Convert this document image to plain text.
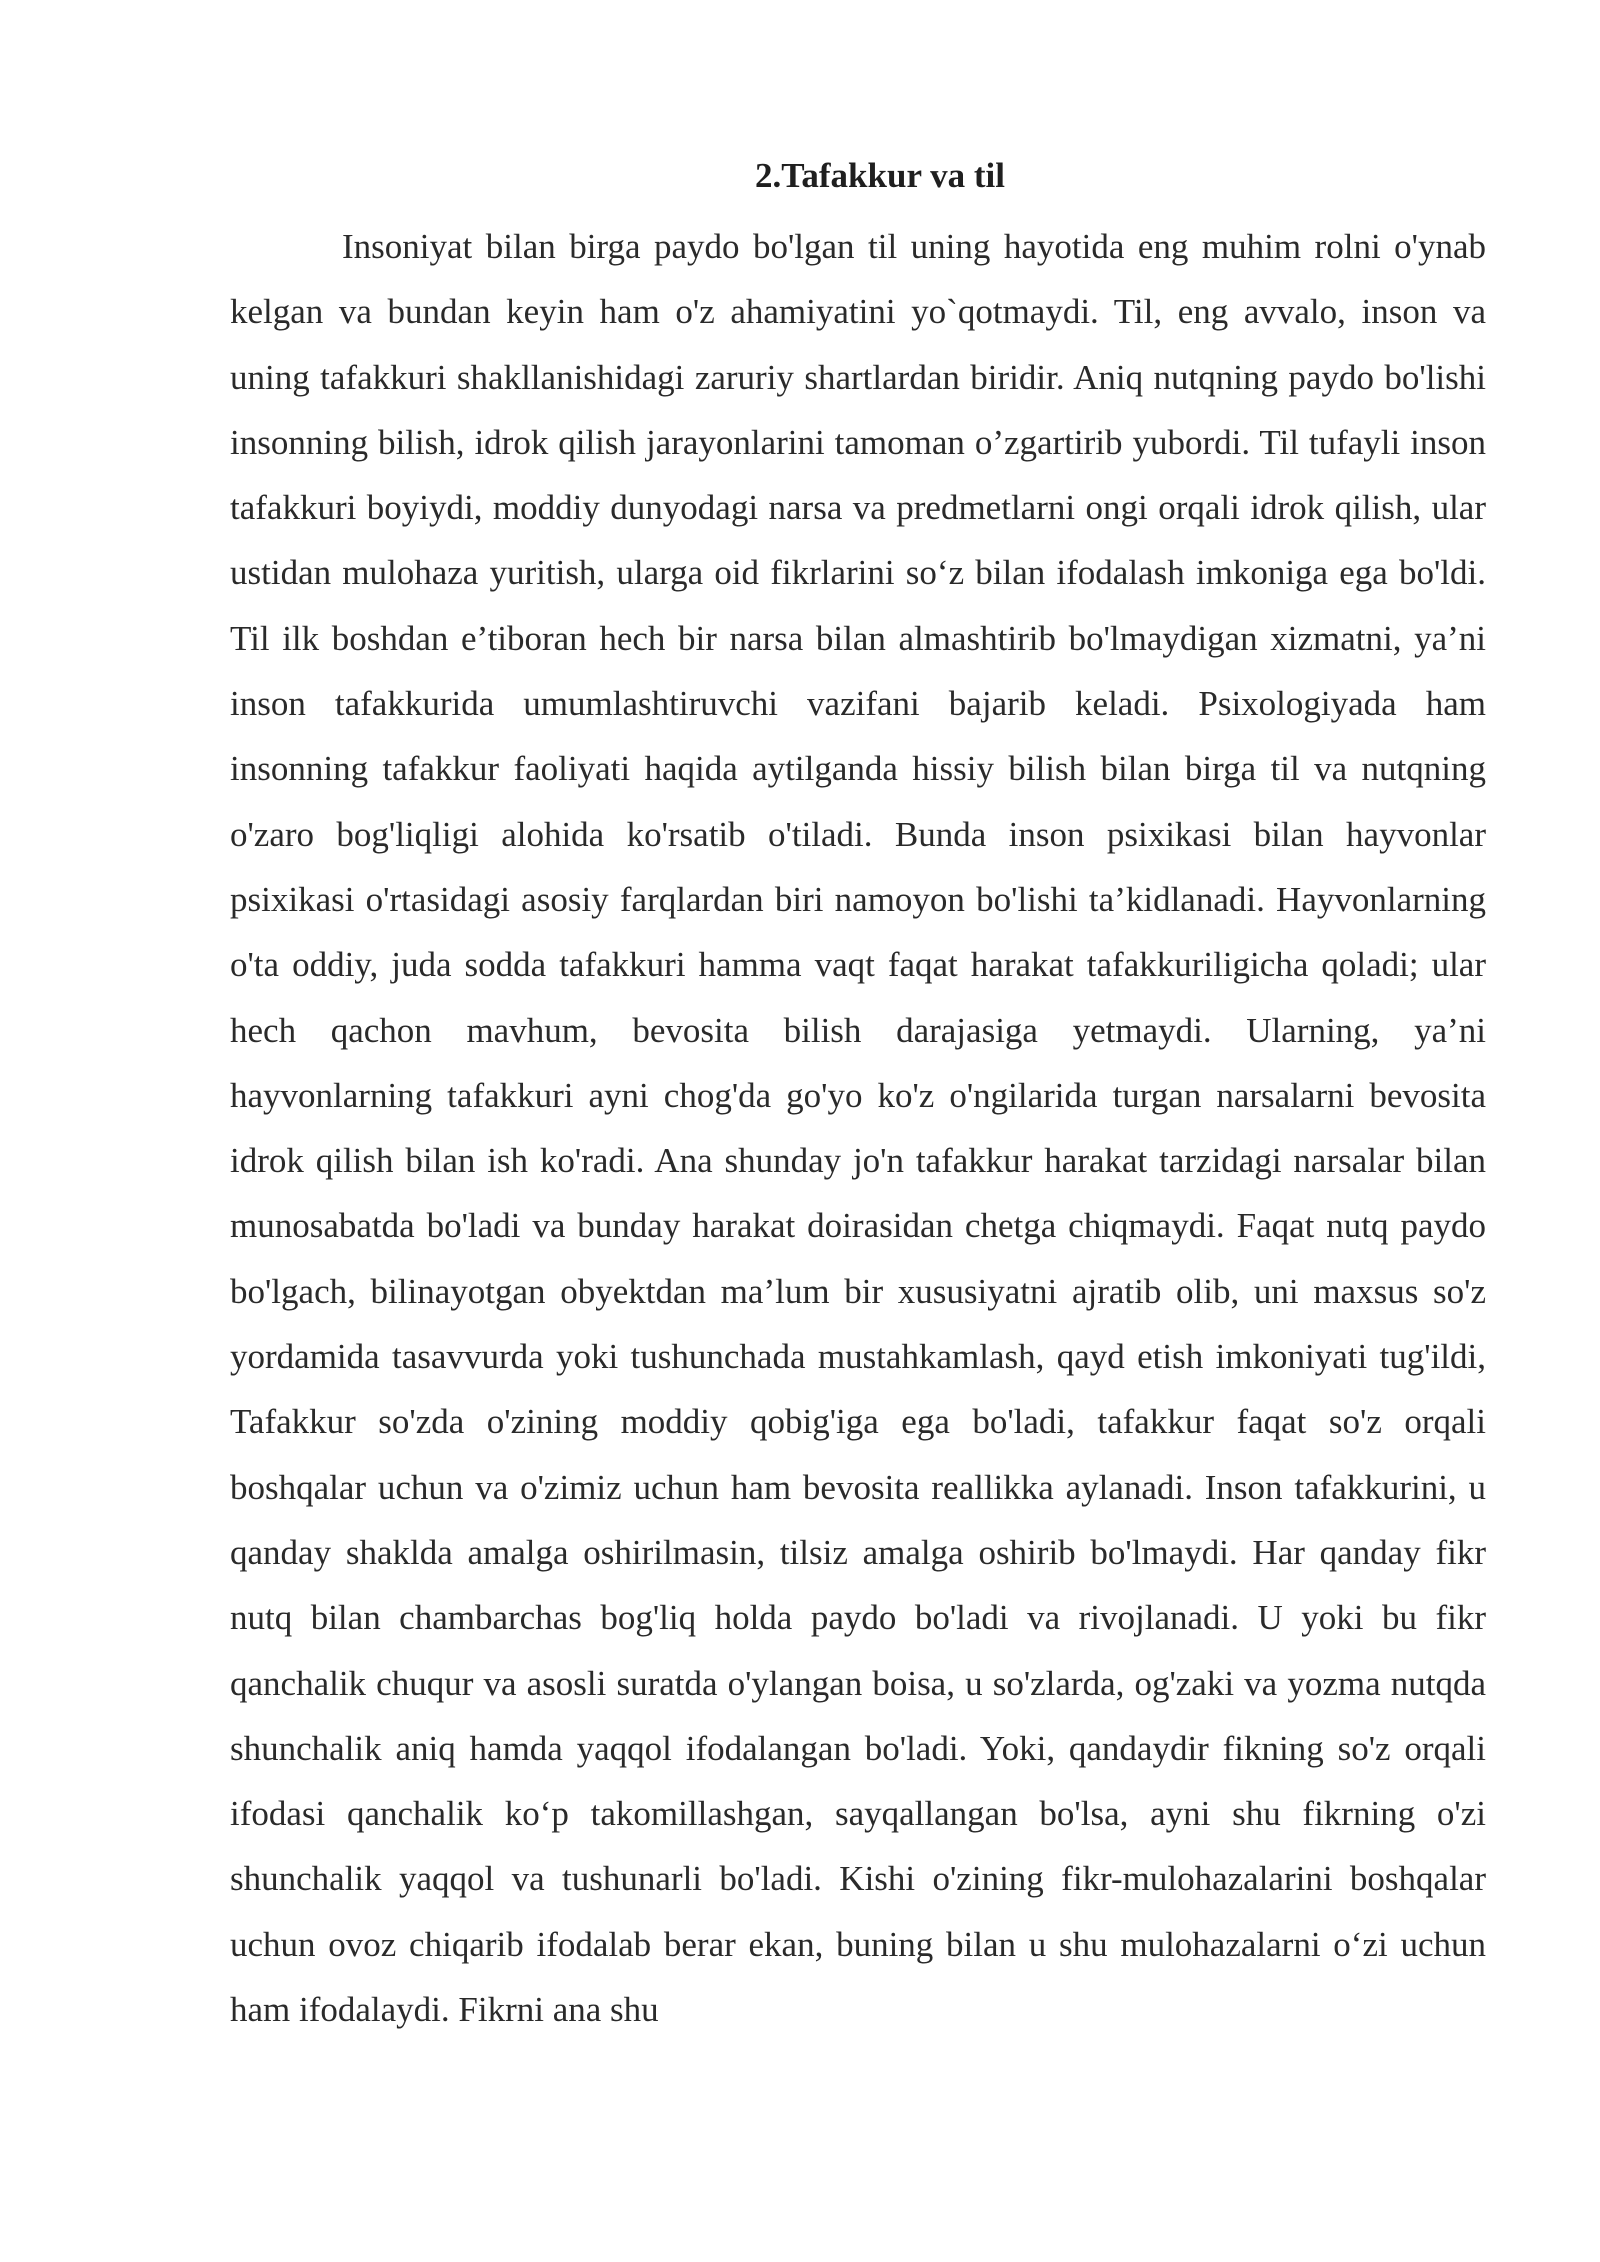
2.Tafakkur va til

Insoniyat bilan birga paydo bo'lgan til uning hayotida eng muhim rolni o'ynab kelgan va bundan keyin ham o'z ahamiyatini yo`qotmaydi. Til, eng avvalo, inson va uning tafakkuri shakllanishidagi zaruriy shartlardan biridir. Aniq nutqning paydo bo'lishi insonning bilish, idrok qilish jarayonlarini tamoman o’zgartirib yubordi. Til tufayli inson tafakkuri boyiydi, moddiy dunyodagi narsa va predmetlarni ongi orqali idrok qilish, ular ustidan mulohaza yuritish, ularga oid fikrlarini so‘z bilan ifodalash imkoniga ega bo'ldi. Til ilk boshdan e’tiboran hech bir narsa bilan almashtirib bo'lmaydigan xizmatni, ya’ni inson tafakkurida umumlashtiruvchi vazifani bajarib keladi. Psixologiyada ham insonning tafakkur faoliyati haqida aytilganda hissiy bilish bilan birga til va nutqning o'zaro bog'liqligi alohida ko'rsatib o'tiladi. Bunda inson psixikasi bilan hayvonlar psixikasi o'rtasidagi asosiy farqlardan biri namoyon bo'lishi ta’kidlanadi. Hayvonlarning o'ta oddiy, juda sodda tafakkuri hamma vaqt faqat harakat tafakkuriligicha qoladi; ular hech qachon mavhum, bevosita bilish darajasiga yetmaydi. Ularning, ya’ni hayvonlarning tafakkuri ayni chog'da go'yo ko'z o'ngilarida turgan narsalarni bevosita idrok qilish bilan ish ko'radi. Ana shunday jo'n tafakkur harakat tarzidagi narsalar bilan munosabatda bo'ladi va bunday harakat doirasidan chetga chiqmaydi. Faqat nutq paydo bo'lgach, bilinayotgan obyektdan ma’lum bir xususiyatni ajratib olib, uni maxsus so'z yordamida tasavvurda yoki tushunchada mustahkamlash, qayd etish imkoniyati tug'ildi, Tafakkur so'zda o'zining moddiy qobig'iga ega bo'ladi, tafakkur faqat so'z orqali boshqalar uchun va o'zimiz uchun ham bevosita reallikka aylanadi. Inson tafakkurini, u qanday shaklda amalga oshirilmasin, tilsiz amalga oshirib bo'lmaydi. Har qanday fikr nutq bilan chambarchas bog'liq holda paydo bo'ladi va rivojlanadi. U yoki bu fikr qanchalik chuqur va asosli suratda o'ylangan boisa, u so'zlarda, og'zaki va yozma nutqda shunchalik aniq hamda yaqqol ifodalangan bo'ladi. Yoki, qandaydir fikning so'z orqali ifodasi qanchalik ko‘p takomillashgan, sayqallangan bo'lsa, ayni shu fikrning o'zi shunchalik yaqqol va tushunarli bo'ladi. Kishi o'zining fikr-mulohazalarini boshqalar uchun ovoz chiqarib ifodalab berar ekan, buning bilan u shu mulohazalarni o‘zi uchun ham ifodalaydi. Fikrni ana shu
